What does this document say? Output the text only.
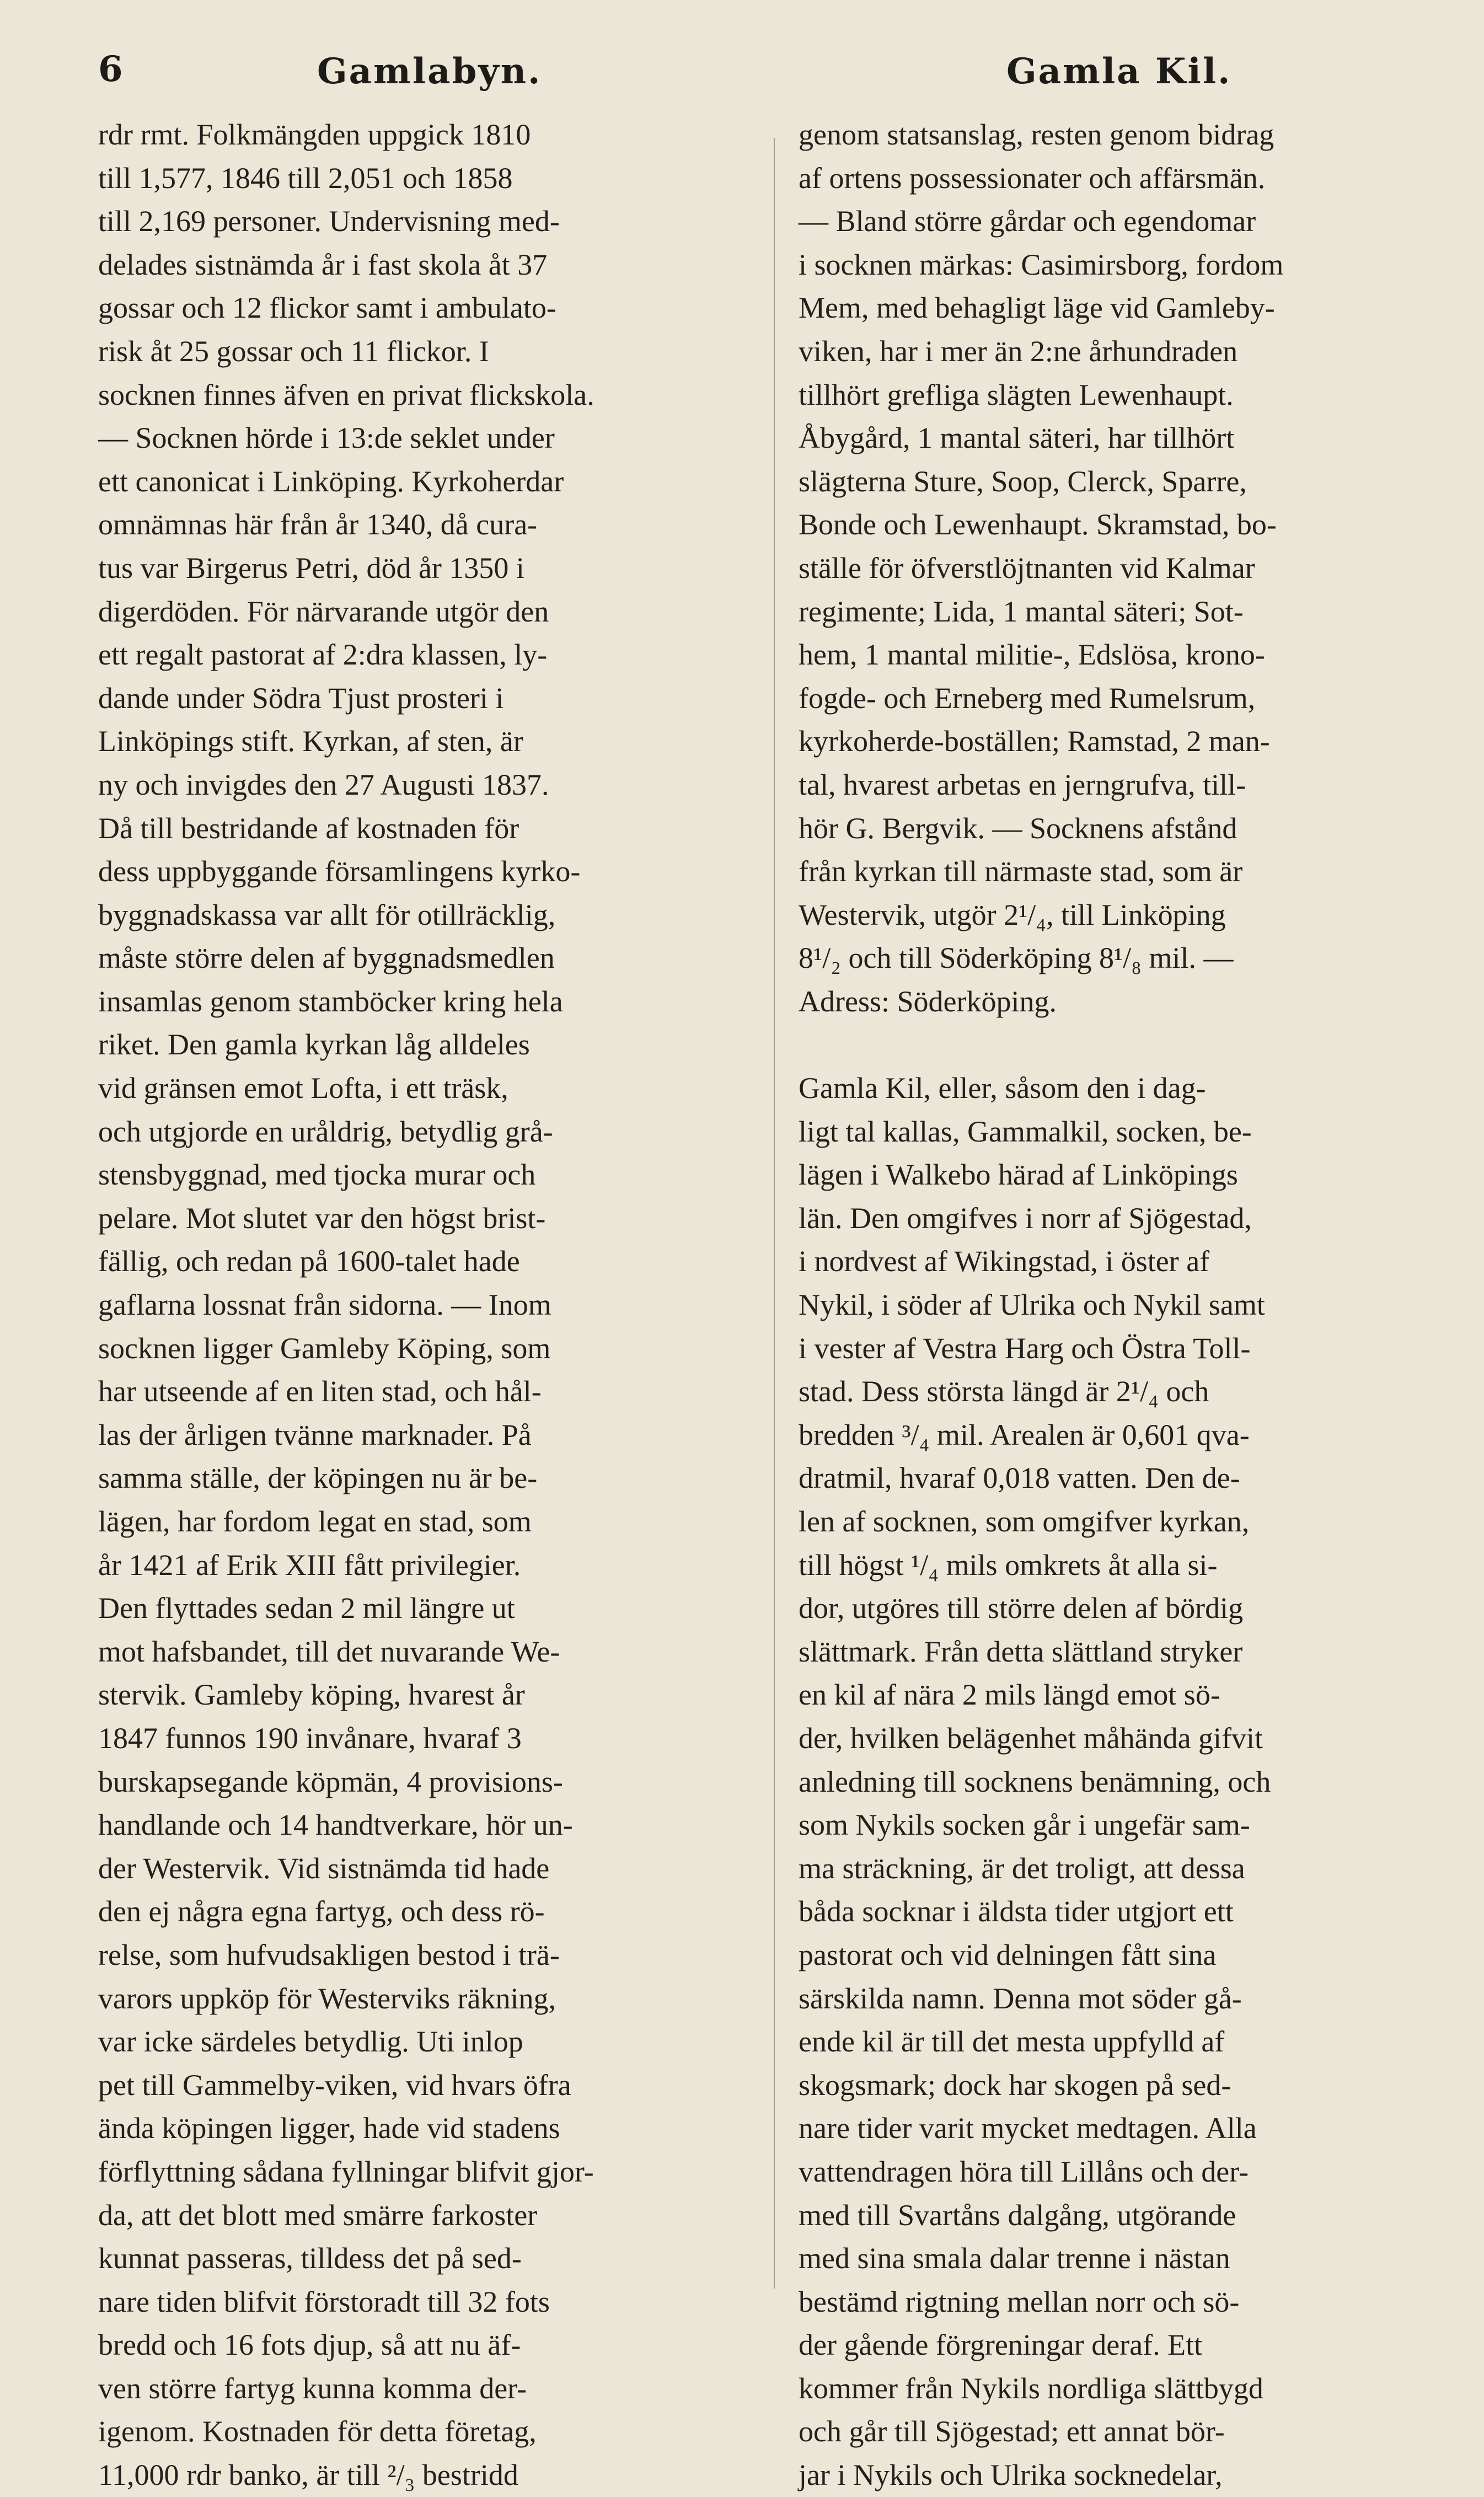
6	Gamlabyn.	Gamla Kil.
rdr rmt. Folkmängden uppgick 1810
till 1,577, 1846 till 2,051 och 1858
till 2,169 personer. Undervisning med-
delades sistnämda år i fast skola åt 37
gossar och 12 flickor samt i ambulato-
risk åt 25 gossar och 11 flickor. I
socknen finnes äfven en privat flickskola.
— Socknen hörde i 13:de seklet under
ett canonicat i Linköping. Kyrkoherdar
omnämnas här från år 1340, då cura-
tus var Birgerus Petri, död år 1350 i
digerdöden. För närvarande utgör den
ett regalt pastorat af 2:dra klassen, ly-
dande under Södra Tjust prosteri i
Linköpings stift. Kyrkan, af sten, är
ny och invigdes den 27 Augusti 1837.
Då till bestridande af kostnaden för
dess uppbyggande församlingens kyrko-
byggnadskassa var allt för otillräcklig,
måste större delen af byggnadsmedlen
insamlas genom stamböcker kring hela
riket. Den gamla kyrkan låg alldeles
vid gränsen emot Lofta, i ett träsk,
och utgjorde en uråldrig, betydlig grå-
stensbyggnad, med tjocka murar och
pelare. Mot slutet var den högst brist-
fällig, och redan på 1600-talet hade
gaflarna lossnat från sidorna. — Inom
socknen ligger Gamleby Köping, som
har utseende af en liten stad, och hål-
las der årligen tvänne marknader. På
samma ställe, der köpingen nu är be-
lägen, har fordom legat en stad, som
år 1421 af Erik XIII fått privilegier.
Den flyttades sedan 2 mil längre ut
mot hafsbandet, till det nuvarande We-
stervik. Gamleby köping, hvarest år
1847 funnos 190 invånare, hvaraf 3
burskapsegande köpmän, 4 provisions-
handlande och 14 handtverkare, hör un-
der Westervik. Vid sistnämda tid hade
den ej några egna fartyg, och dess rö-
relse, som hufvudsakligen bestod i trä-
varors uppköp för Westerviks räkning,
var icke särdeles betydlig. Uti inlop
pet till Gammelby-viken, vid hvars öfra
ända köpingen ligger, hade vid stadens
förflyttning sådana fyllningar blifvit gjor-
da, att det blott med smärre farkoster
kunnat passeras, tilldess det på sed-
nare tiden blifvit förstoradt till 32 fots
bredd och 16 fots djup, så att nu äf-
ven större fartyg kunna komma der-
igenom. Kostnaden för detta företag,
11,000 rdr banko, är till ²/₃ bestridd
genom statsanslag, resten genom bidrag
af ortens possessionater och affärsmän.
— Bland större gårdar och egendomar
i socknen märkas: Casimirsborg, fordom
Mem, med behagligt läge vid Gamleby-
viken, har i mer än 2:ne århundraden
tillhört grefliga slägten Lewenhaupt.
Åbygård, 1 mantal säteri, har tillhört
slägterna Sture, Soop, Clerck, Sparre,
Bonde och Lewenhaupt. Skramstad, bo-
ställe för öfverstlöjtnanten vid Kalmar
regimente; Lida, 1 mantal säteri; Sot-
hem, 1 mantal militie-, Edslösa, krono-
fogde- och Erneberg med Rumelsrum,
kyrkoherde-boställen; Ramstad, 2 man-
tal, hvarest arbetas en jerngrufva, till-
hör G. Bergvik. — Socknens afstånd
från kyrkan till närmaste stad, som är
Westervik, utgör 2¹/₄, till Linköping
8¹/₂ och till Söderköping 8¹/₈ mil. —
Adress: Söderköping.
Gamla Kil, eller, såsom den i dag-
ligt tal kallas, Gammalkil, socken, be-
lägen i Walkebo härad af Linköpings
län. Den omgifves i norr af Sjögestad,
i nordvest af Wikingstad, i öster af
Nykil, i söder af Ulrika och Nykil samt
i vester af Vestra Harg och Östra Toll-
stad. Dess största längd är 2¹/₄ och
bredden ³/₄ mil. Arealen är 0,601 qva-
dratmil, hvaraf 0,018 vatten. Den de-
len af socknen, som omgifver kyrkan,
till högst ¹/₄ mils omkrets åt alla si-
dor, utgöres till större delen af bördig
slättmark. Från detta slättland stryker
en kil af nära 2 mils längd emot sö-
der, hvilken belägenhet måhända gifvit
anledning till socknens benämning, och
som Nykils socken går i ungefär sam-
ma sträckning, är det troligt, att dessa
båda socknar i äldsta tider utgjort ett
pastorat och vid delningen fått sina
särskilda namn. Denna mot söder gå-
ende kil är till det mesta uppfylld af
skogsmark; dock har skogen på sed-
nare tider varit mycket medtagen. Alla
vattendragen höra till Lillåns och der-
med till Svartåns dalgång, utgörande
med sina smala dalar trenne i nästan
bestämd rigtning mellan norr och sö-
der gående förgreningar deraf. Ett
kommer från Nykils nordliga slättbygd
och går till Sjögestad; ett annat bör-
jar i Nykils och Ulrika socknedelar,
